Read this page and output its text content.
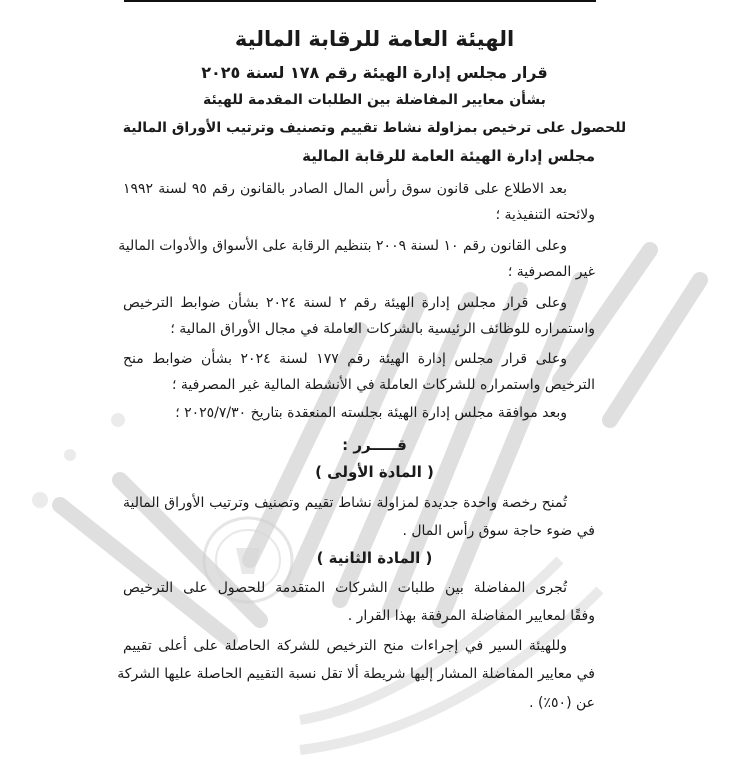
الهيئة العامة للرقابة المالية
قرار مجلس إدارة الهيئة رقم ١٧٨ لسنة ٢٠٢٥
بشأن معايير المفاضلة بين الطلبات المقدمة للهيئة
للحصول على ترخيص بمزاولة نشاط تقييم وتصنيف وترتيب الأوراق المالية
مجلس إدارة الهيئة العامة للرقابة المالية
بعد الاطلاع على قانون سوق رأس المال الصادر بالقانون رقم ٩٥ لسنة ١٩٩٢
ولائحته التنفيذية ؛
وعلى القانون رقم ١٠ لسنة ٢٠٠٩ بتنظيم الرقابة على الأسواق والأدوات المالية
غير المصرفية ؛
وعلى قرار مجلس إدارة الهيئة رقم ٢ لسنة ٢٠٢٤ بشأن ضوابط الترخيص
واستمراره للوظائف الرئيسية بالشركات العاملة في مجال الأوراق المالية ؛
وعلى قرار مجلس إدارة الهيئة رقم ١٧٧ لسنة ٢٠٢٤ بشأن ضوابط منح
الترخيص واستمراره للشركات العاملة في الأنشطة المالية غير المصرفية ؛
وبعد موافقة مجلس إدارة الهيئة بجلسته المنعقدة بتاريخ ٢٠٢٥/٧/٣٠ ؛
قـــــرر :
( المادة الأولى )
تُمنح رخصة واحدة جديدة لمزاولة نشاط تقييم وتصنيف وترتيب الأوراق المالية
في ضوء حاجة سوق رأس المال .
( المادة الثانية )
تُجرى المفاضلة بين طلبات الشركات المتقدمة للحصول على الترخيص
وفقًا لمعايير المفاضلة المرفقة بهذا القرار .
وللهيئة السير في إجراءات منح الترخيص للشركة الحاصلة على أعلى تقييم
في معايير المفاضلة المشار إليها شريطة ألا تقل نسبة التقييم الحاصلة عليها الشركة
عن (٥٠٪) .
